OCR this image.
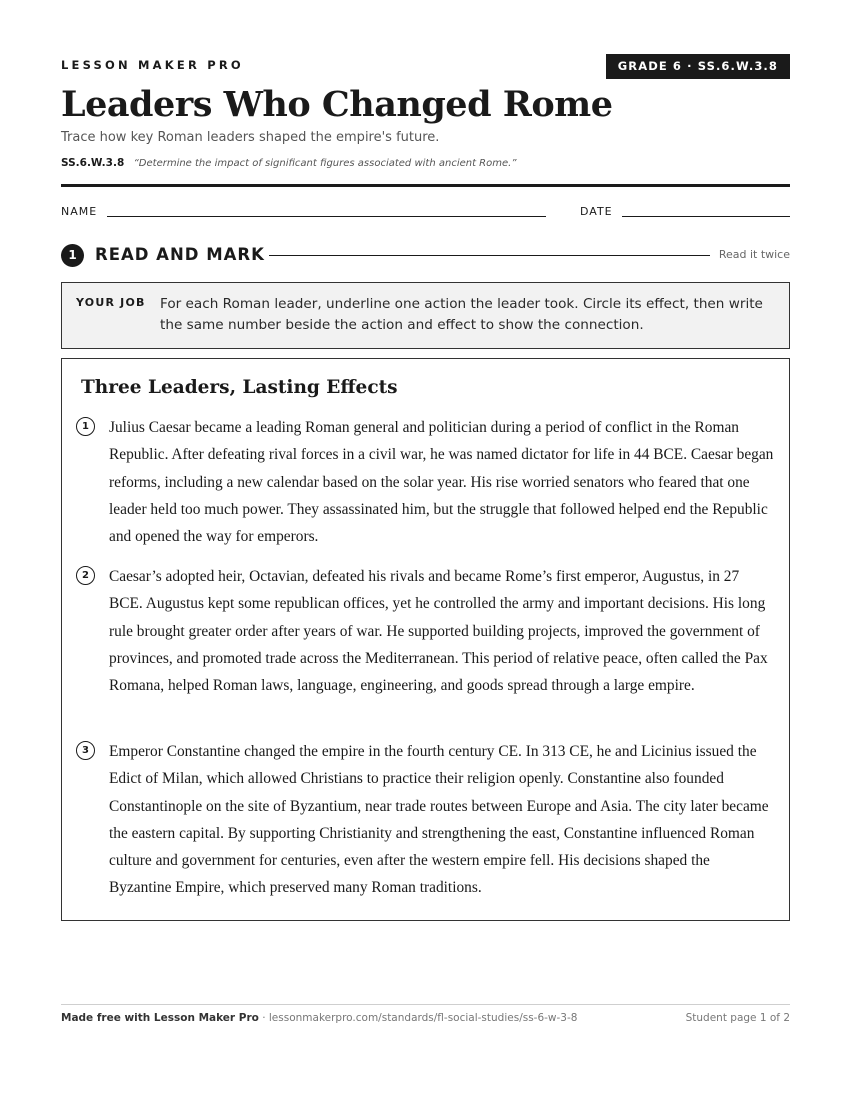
LESSON MAKER PRO	GRADE 6 · SS.6.W.3.8
Leaders Who Changed Rome
Trace how key Roman leaders shaped the empire's future.
SS.6.W.3.8 “Determine the impact of significant figures associated with ancient Rome.”
NAME	DATE
1	READ AND MARK	Read it twice
YOUR JOB For each Roman leader, underline one action the leader took. Circle its effect, then write the same number beside the action and effect to show the connection.
Three Leaders, Lasting Effects
1	Julius Caesar became a leading Roman general and politician during a period of conflict in the Roman Republic. After defeating rival forces in a civil war, he was named dictator for life in 44 BCE. Caesar began reforms, including a new calendar based on the solar year. His rise worried senators who feared that one leader held too much power. They assassinated him, but the struggle that followed helped end the Republic and opened the way for emperors.
2	Caesar’s adopted heir, Octavian, defeated his rivals and became Rome’s first emperor, Augustus, in 27 BCE. Augustus kept some republican offices, yet he controlled the army and important decisions. His long rule brought greater order after years of war. He supported building projects, improved the government of provinces, and promoted trade across the Mediterranean. This period of relative peace, often called the Pax Romana, helped Roman laws, language, engineering, and goods spread through a large empire.
3	Emperor Constantine changed the empire in the fourth century CE. In 313 CE, he and Licinius issued the Edict of Milan, which allowed Christians to practice their religion openly. Constantine also founded Constantinople on the site of Byzantium, near trade routes between Europe and Asia. The city later became the eastern capital. By supporting Christianity and strengthening the east, Constantine influenced Roman culture and government for centuries, even after the western empire fell. His decisions shaped the Byzantine Empire, which preserved many Roman traditions.
Made free with Lesson Maker Pro · lessonmakerpro.com/standards/fl-social-studies/ss-6-w-3-8	Student page 1 of 2
